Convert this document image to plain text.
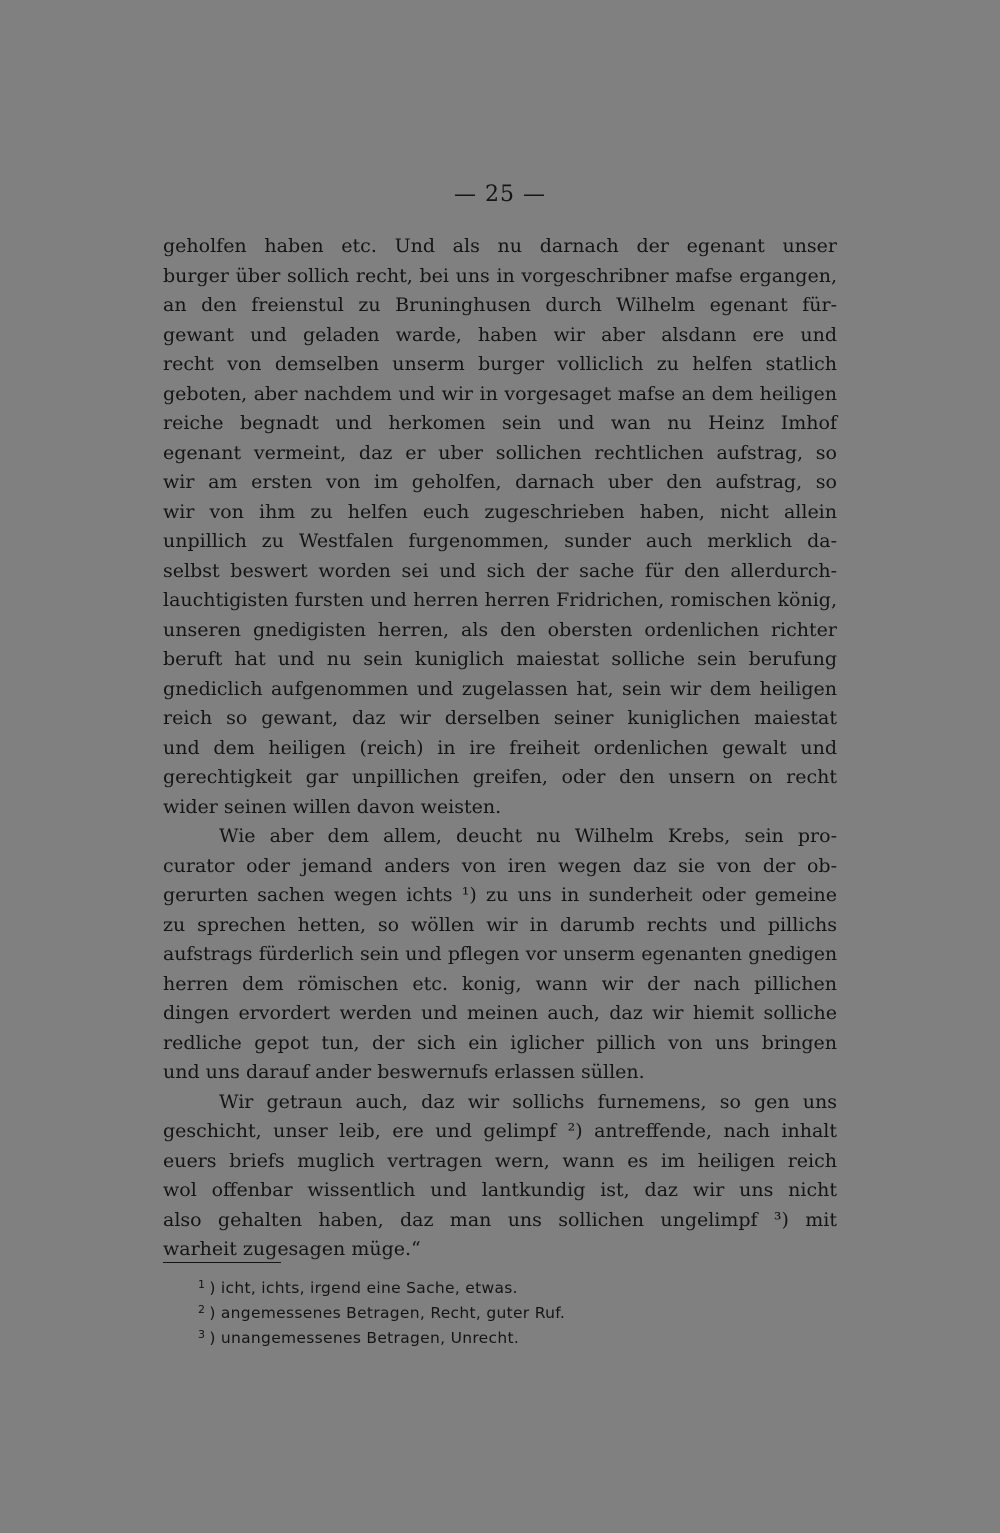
— 25 —
geholfen haben etc. Und als nu darnach der egenant unser
burger über sollich recht, bei uns in vorgeschribner mafse ergangen,
an den freienstul zu Bruninghusen durch Wilhelm egenant für-
gewant und geladen warde, haben wir aber alsdann ere und
recht von demselben unserm burger volliclich zu helfen statlich
geboten, aber nachdem und wir in vorgesaget mafse an dem heiligen
reiche begnadt und herkomen sein und wan nu Heinz Imhof
egenant vermeint, daz er uber sollichen rechtlichen aufstrag, so
wir am ersten von im geholfen, darnach uber den aufstrag, so
wir von ihm zu helfen euch zugeschrieben haben, nicht allein
unpillich zu Westfalen furgenommen, sunder auch merklich da-
selbst beswert worden sei und sich der sache für den allerdurch-
lauchtigisten fursten und herren herren Fridrichen, romischen könig,
unseren gnedigisten herren, als den obersten ordenlichen richter
beruft hat und nu sein kuniglich maiestat solliche sein berufung
gnediclich aufgenommen und zugelassen hat, sein wir dem heiligen
reich so gewant, daz wir derselben seiner kuniglichen maiestat
und dem heiligen (reich) in ire freiheit ordenlichen gewalt und
gerechtigkeit gar unpillichen greifen, oder den unsern on recht
wider seinen willen davon weisten.
Wie aber dem allem, deucht nu Wilhelm Krebs, sein pro-
curator oder jemand anders von iren wegen daz sie von der ob-
gerurten sachen wegen ichts ¹) zu uns in sunderheit oder gemeine
zu sprechen hetten, so wöllen wir in darumb rechts und pillichs
aufstrags fürderlich sein und pflegen vor unserm egenanten gnedigen
herren dem römischen etc. konig, wann wir der nach pillichen
dingen ervordert werden und meinen auch, daz wir hiemit solliche
redliche gepot tun, der sich ein iglicher pillich von uns bringen
und uns darauf ander beswernufs erlassen süllen.
Wir getraun auch, daz wir sollichs furnemens, so gen uns
geschicht, unser leib, ere und gelimpf ²) antreffende, nach inhalt
euers briefs muglich vertragen wern, wann es im heiligen reich
wol offenbar wissentlich und lantkundig ist, daz wir uns nicht
also gehalten haben, daz man uns sollichen ungelimpf ³) mit
warheit zugesagen müge.“
$^1$ ) icht, ichts, irgend eine Sache, etwas.
$^2$ ) angemessenes Betragen, Recht, guter Ruf.
$^3$ ) unangemessenes Betragen, Unrecht.
